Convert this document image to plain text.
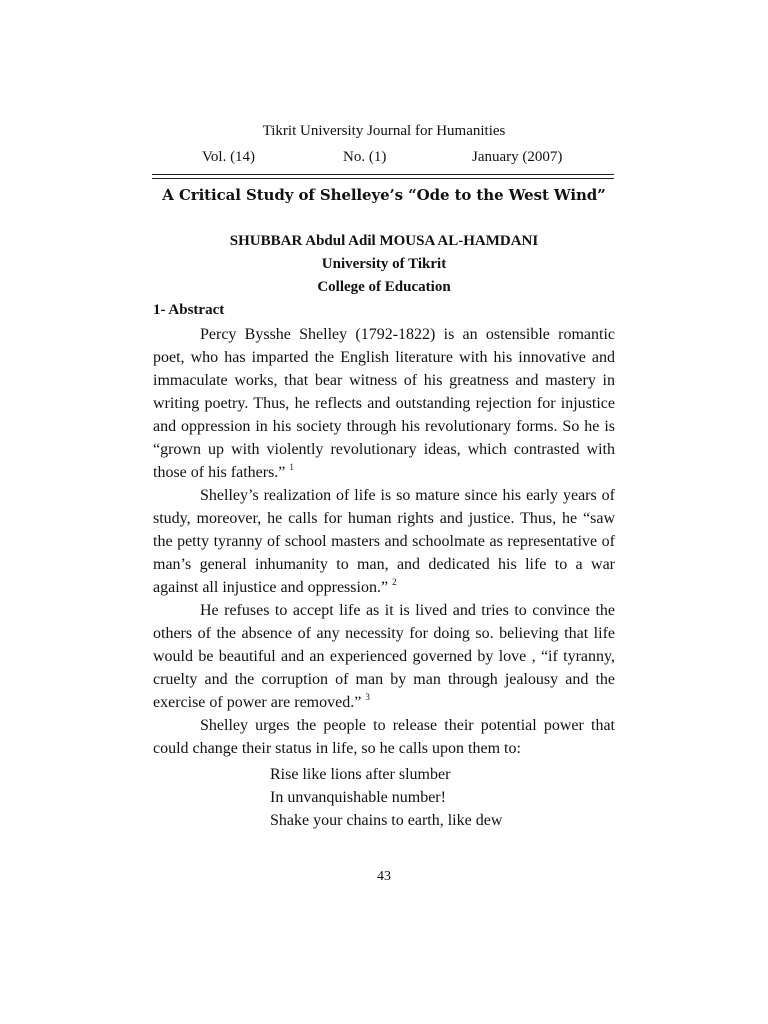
Tikrit University Journal for Humanities
Vol. (14)	No. (1)	January (2007)
A Critical Study of Shelleye’s “Ode to the West Wind”
SHUBBAR Abdul Adil MOUSA AL-HAMDANI
University of Tikrit
College of Education
1- Abstract

Percy Bysshe Shelley (1792-1822) is an ostensible romantic poet, who has imparted the English literature with his innovative and immaculate works, that bear witness of his greatness and mastery in writing poetry. Thus, he reflects and outstanding rejection for injustice and oppression in his society through his revolutionary forms. So he is “grown up with violently revolutionary ideas, which contrasted with those of his fathers.” $^1$

Shelley’s realization of life is so mature since his early years of study, moreover, he calls for human rights and justice. Thus, he “saw the petty tyranny of school masters and schoolmate as representative of man’s general inhumanity to man, and dedicated his life to a war against all injustice and oppression.” $^2$

He refuses to accept life as it is lived and tries to convince the others of the absence of any necessity for doing so. believing that life would be beautiful and an experienced governed by love , “if tyranny, cruelty and the corruption of man by man through jealousy and the exercise of power are removed.” $^3$

Shelley urges the people to release their potential power that could change their status in life, so he calls upon them to:

Rise like lions after slumber
In unvanquishable number!
Shake your chains to earth, like dew
43
